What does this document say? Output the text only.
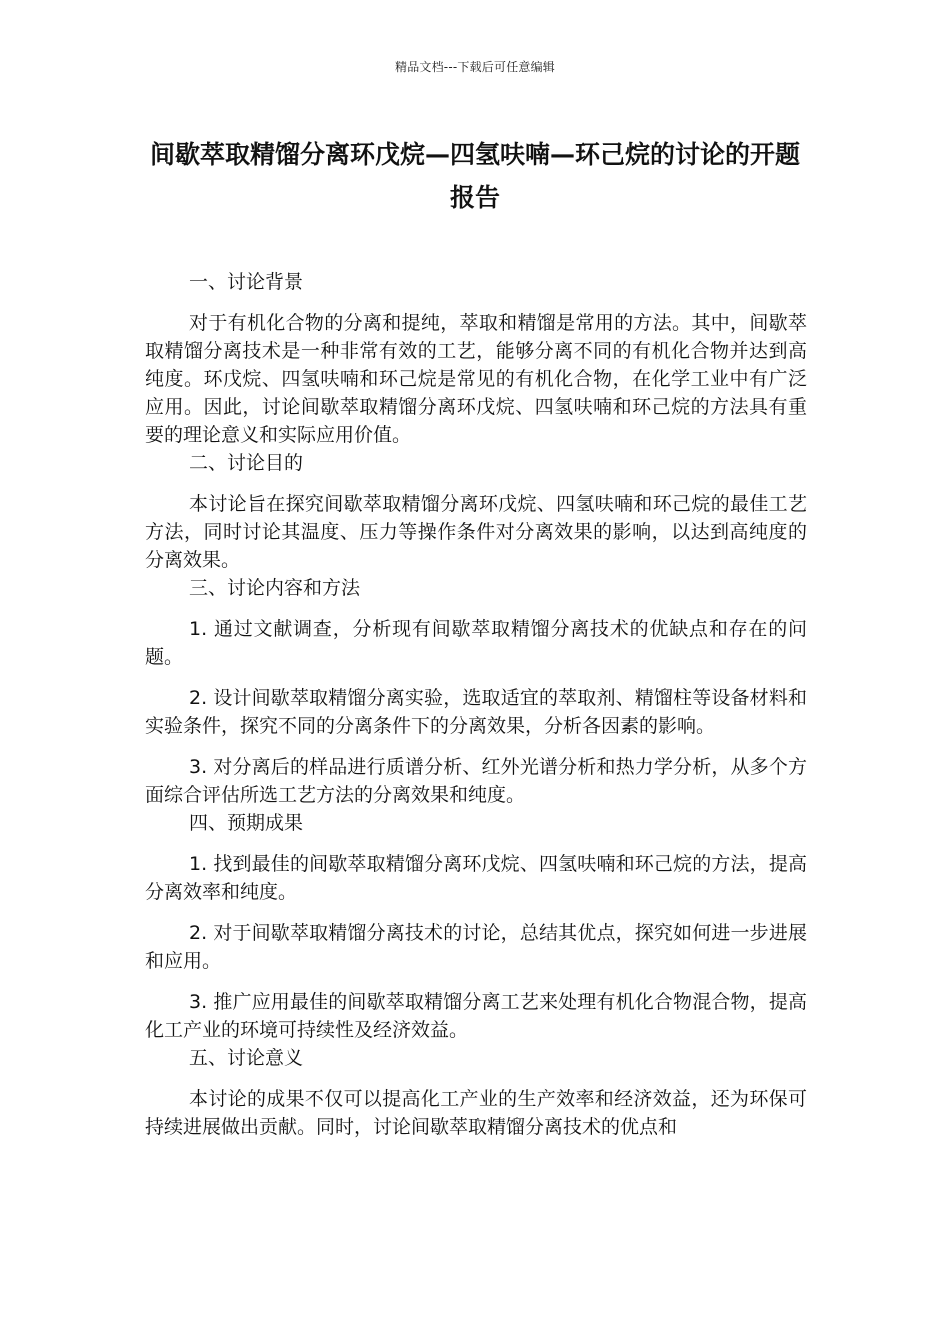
精品文档---下载后可任意编辑
间歇萃取精馏分离环戊烷—四氢呋喃—环己烷的讨论的开题报告

一、讨论背景

对于有机化合物的分离和提纯，萃取和精馏是常用的方法。其中，间歇萃取精馏分离技术是一种非常有效的工艺，能够分离不同的有机化合物并达到高纯度。环戊烷、四氢呋喃和环己烷是常见的有机化合物，在化学工业中有广泛应用。因此，讨论间歇萃取精馏分离环戊烷、四氢呋喃和环己烷的方法具有重要的理论意义和实际应用价值。

二、讨论目的

本讨论旨在探究间歇萃取精馏分离环戊烷、四氢呋喃和环己烷的最佳工艺方法，同时讨论其温度、压力等操作条件对分离效果的影响，以达到高纯度的分离效果。

三、讨论内容和方法

1. 通过文献调查，分析现有间歇萃取精馏分离技术的优缺点和存在的问题。

2. 设计间歇萃取精馏分离实验，选取适宜的萃取剂、精馏柱等设备材料和实验条件，探究不同的分离条件下的分离效果，分析各因素的影响。

3. 对分离后的样品进行质谱分析、红外光谱分析和热力学分析，从多个方面综合评估所选工艺方法的分离效果和纯度。

四、预期成果

1. 找到最佳的间歇萃取精馏分离环戊烷、四氢呋喃和环己烷的方法，提高分离效率和纯度。

2. 对于间歇萃取精馏分离技术的讨论，总结其优点，探究如何进一步进展和应用。

3. 推广应用最佳的间歇萃取精馏分离工艺来处理有机化合物混合物，提高化工产业的环境可持续性及经济效益。

五、讨论意义

本讨论的成果不仅可以提高化工产业的生产效率和经济效益，还为环保可持续进展做出贡献。同时，讨论间歇萃取精馏分离技术的优点和
